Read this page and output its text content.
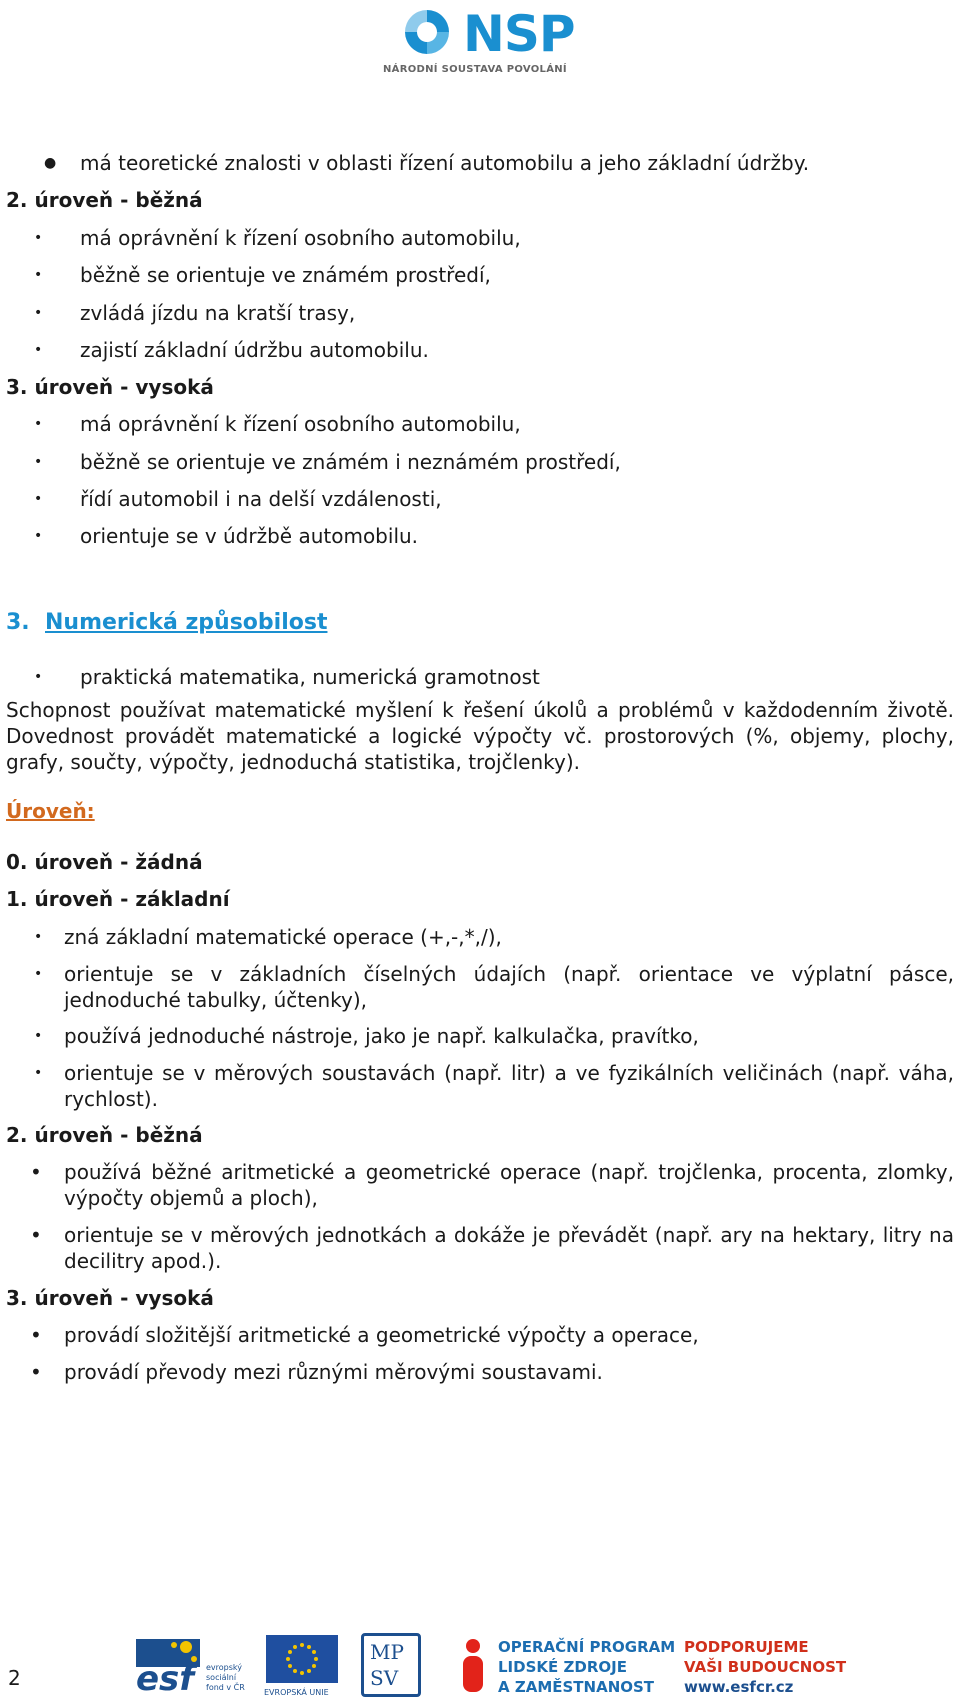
NSP
NÁRODNÍ SOUSTAVA POVOLÁNÍ
● má teoretické znalosti v oblasti řízení automobilu a jeho základní údržby.
2. úroveň - běžná
• má oprávnění k řízení osobního automobilu,
• běžně se orientuje ve známém prostředí,
• zvládá jízdu na kratší trasy,
• zajistí základní údržbu automobilu.
3. úroveň - vysoká
• má oprávnění k řízení osobního automobilu,
• běžně se orientuje ve známém i neznámém prostředí,
• řídí automobil i na delší vzdálenosti,
• orientuje se v údržbě automobilu.
3. Numerická způsobilost
• praktická matematika, numerická gramotnost
Schopnost používat matematické myšlení k řešení úkolů a problémů v každodenním životě. Dovednost provádět matematické a logické výpočty vč. prostorových (%, objemy, plochy, grafy, součty, výpočty, jednoduchá statistika, trojčlenky).
Úroveň:
0. úroveň - žádná
1. úroveň - základní
• zná základní matematické operace (+,-,*,/),
• orientuje se v základních číselných údajích (např. orientace ve výplatní pásce, jednoduché tabulky, účtenky),
• používá jednoduché nástroje, jako je např. kalkulačka, pravítko,
• orientuje se v měrových soustavách (např. litr) a ve fyzikálních veličinách (např. váha, rychlost).
2. úroveň - běžná
• používá běžné aritmetické a geometrické operace (např. trojčlenka, procenta, zlomky, výpočty objemů a ploch),
• orientuje se v měrových jednotkách a dokáže je převádět (např. ary na hektary, litry na decilitry apod.).
3. úroveň - vysoká
• provádí složitější aritmetické a geometrické výpočty a operace,
• provádí převody mezi různými měrovými soustavami.
2	esf evropský
sociální
fond v ČR
EVROPSKÁ UNIE
MP
SV
OPERAČNÍ PROGRAM
LIDSKÉ ZDROJE
A ZAMĚSTNANOST
PODPORUJEME
VAŠI BUDOUCNOST
www.esfcr.cz
